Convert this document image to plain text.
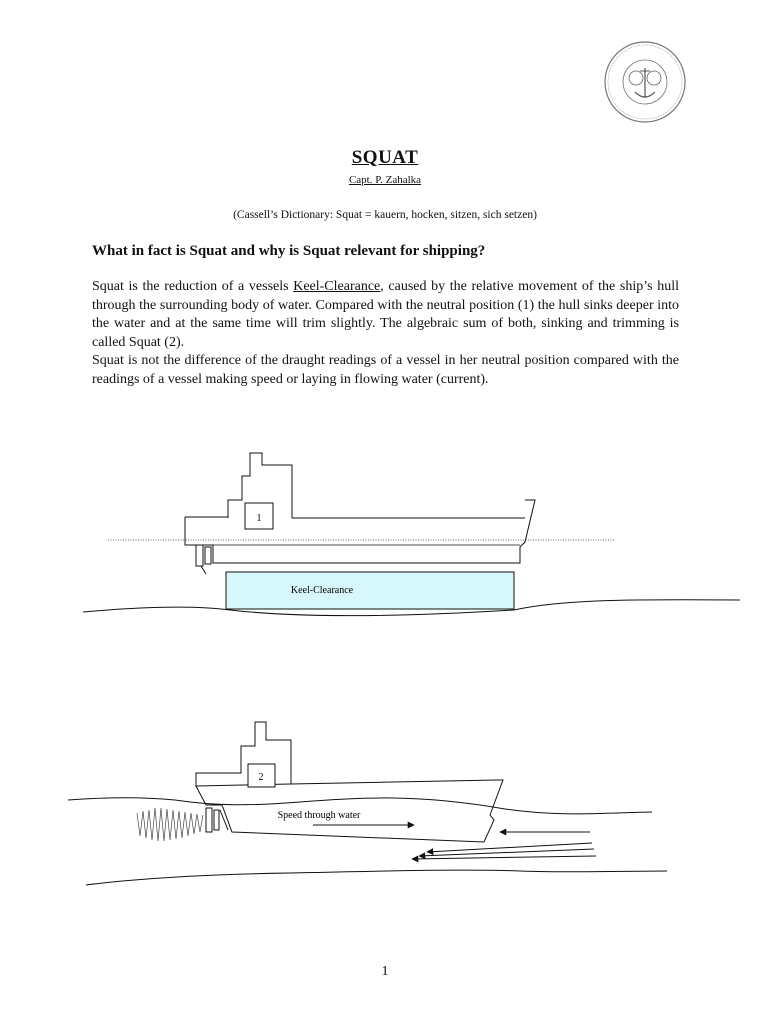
SQUAT
Capt. P. Zahalka
(Cassell’s Dictionary: Squat = kauern, hocken, sitzen, sich setzen)
What in fact is Squat and why is Squat relevant for shipping?

Squat is the reduction of a vessels Keel-Clearance, caused by the relative movement of the ship’s hull through the surrounding body of water. Compared with the neutral position (1) the hull sinks deeper into the water and at the same time will trim slightly. The algebraic sum of both, sinking and trimming is called Squat (2).

Squat is not the difference of the draught readings of a vessel in her neutral position compared with the readings of a vessel making speed or laying in flowing water (current).

1
Keel-Clearance
2
Speed through water
1
